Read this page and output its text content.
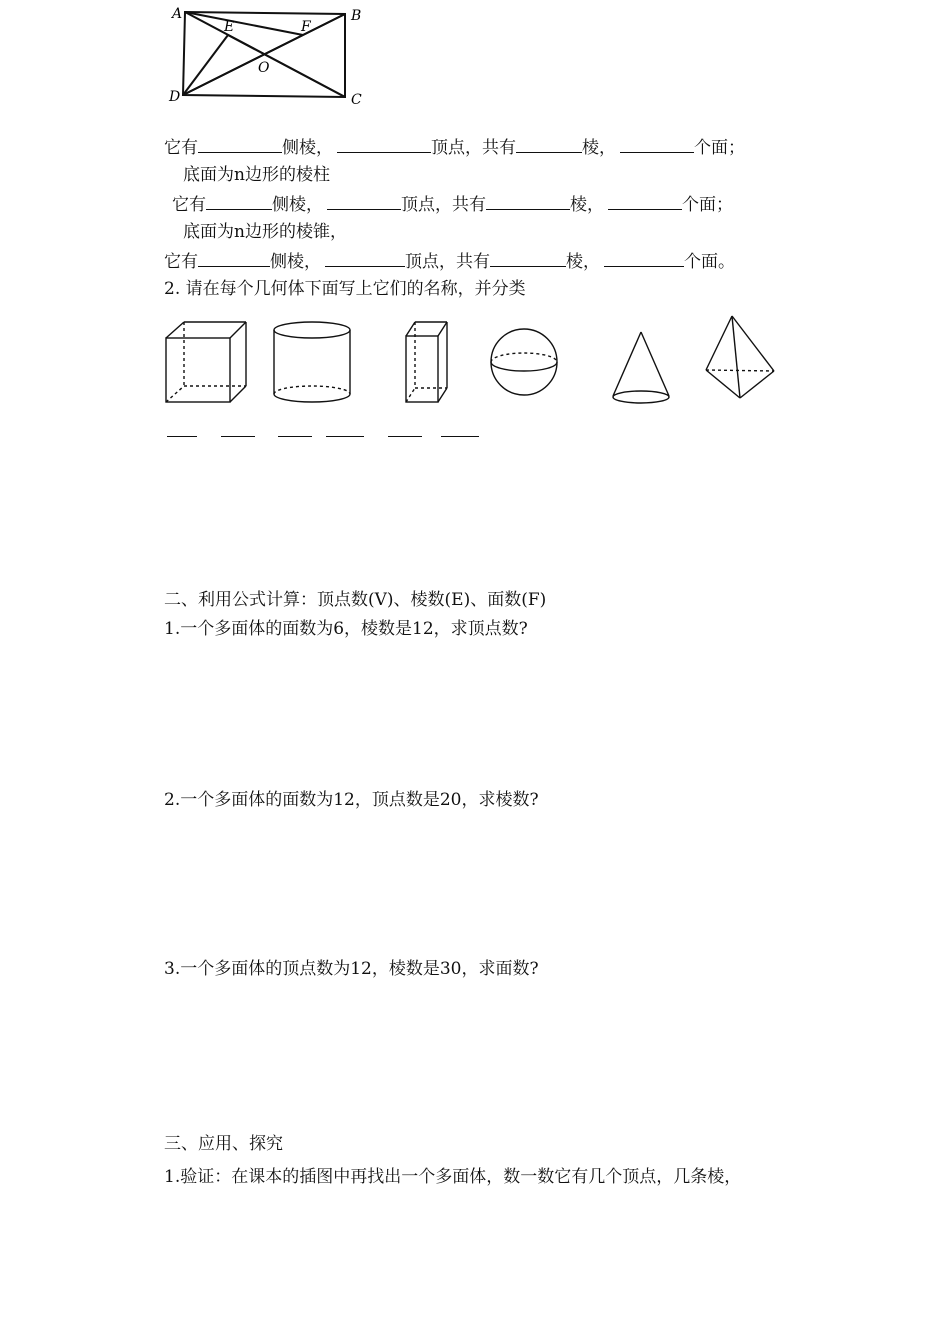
A	B
C
D
E	F
O
它有	侧棱，	顶点，共有	棱，	个面；
底面为n边形的棱柱
它有	侧棱，	顶点，共有	棱，	个面；
底面为n边形的棱锥，
它有	侧棱，	顶点，共有	棱，	个面。
2. 请在每个几何体下面写上它们的名称，并分类
二、利用公式计算：顶点数(V)、棱数(E)、面数(F)
1.一个多面体的面数为6，棱数是12，求顶点数?
2.一个多面体的面数为12，顶点数是20，求棱数?
3.一个多面体的顶点数为12，棱数是30，求面数?
三、应用、探究
1.验证：在课本的插图中再找出一个多面体，数一数它有几个顶点，几条棱，
